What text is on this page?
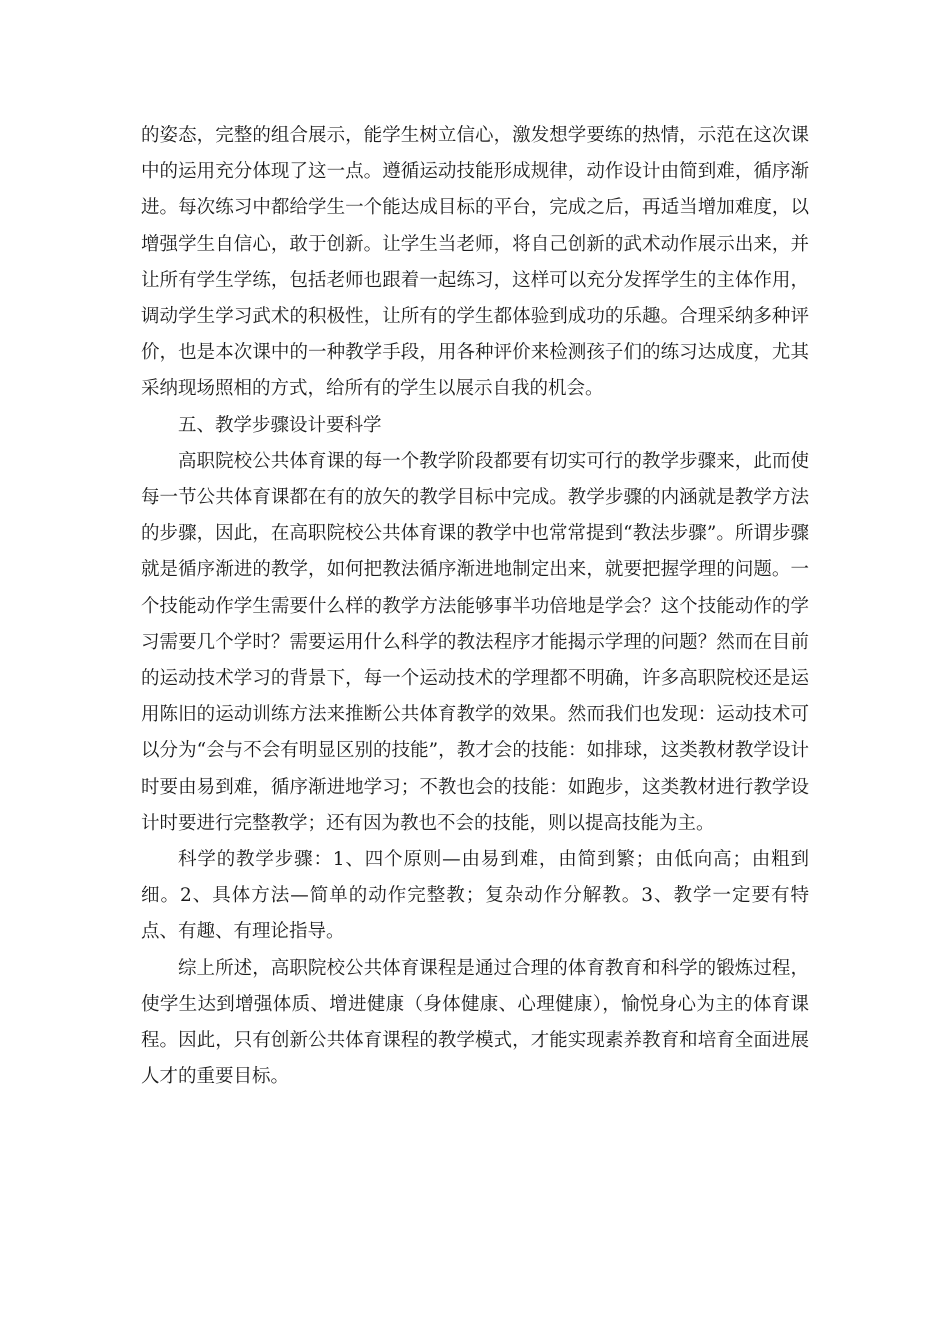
的姿态，完整的组合展示，能学生树立信心，激发想学要练的热情，示范在这次课中的运用充分体现了这一点。遵循运动技能形成规律，动作设计由简到难，循序渐进。每次练习中都给学生一个能达成目标的平台，完成之后，再适当增加难度，以增强学生自信心，敢于创新。让学生当老师，将自己创新的武术动作展示出来，并让所有学生学练，包括老师也跟着一起练习，这样可以充分发挥学生的主体作用，调动学生学习武术的积极性，让所有的学生都体验到成功的乐趣。合理采纳多种评价，也是本次课中的一种教学手段，用各种评价来检测孩子们的练习达成度，尤其采纳现场照相的方式，给所有的学生以展示自我的机会。

五、教学步骤设计要科学

高职院校公共体育课的每一个教学阶段都要有切实可行的教学步骤来，此而使每一节公共体育课都在有的放矢的教学目标中完成。教学步骤的内涵就是教学方法的步骤，因此，在高职院校公共体育课的教学中也常常提到“教法步骤”。所谓步骤就是循序渐进的教学，如何把教法循序渐进地制定出来，就要把握学理的问题。一个技能动作学生需要什么样的教学方法能够事半功倍地是学会？这个技能动作的学习需要几个学时？需要运用什么科学的教法程序才能揭示学理的问题？然而在目前的运动技术学习的背景下，每一个运动技术的学理都不明确，许多高职院校还是运用陈旧的运动训练方法来推断公共体育教学的效果。然而我们也发现：运动技术可以分为“会与不会有明显区别的技能”，教才会的技能：如排球，这类教材教学设计时要由易到难，循序渐进地学习；不教也会的技能：如跑步，这类教材进行教学设计时要进行完整教学；还有因为教也不会的技能，则以提高技能为主。

科学的教学步骤：1、四个原则—由易到难，由简到繁；由低向高；由粗到细。2、具体方法—简单的动作完整教；复杂动作分解教。3、教学一定要有特点、有趣、有理论指导。

综上所述，高职院校公共体育课程是通过合理的体育教育和科学的锻炼过程，使学生达到增强体质、增进健康（身体健康、心理健康），愉悦身心为主的体育课程。因此，只有创新公共体育课程的教学模式，才能实现素养教育和培育全面进展人才的重要目标。
